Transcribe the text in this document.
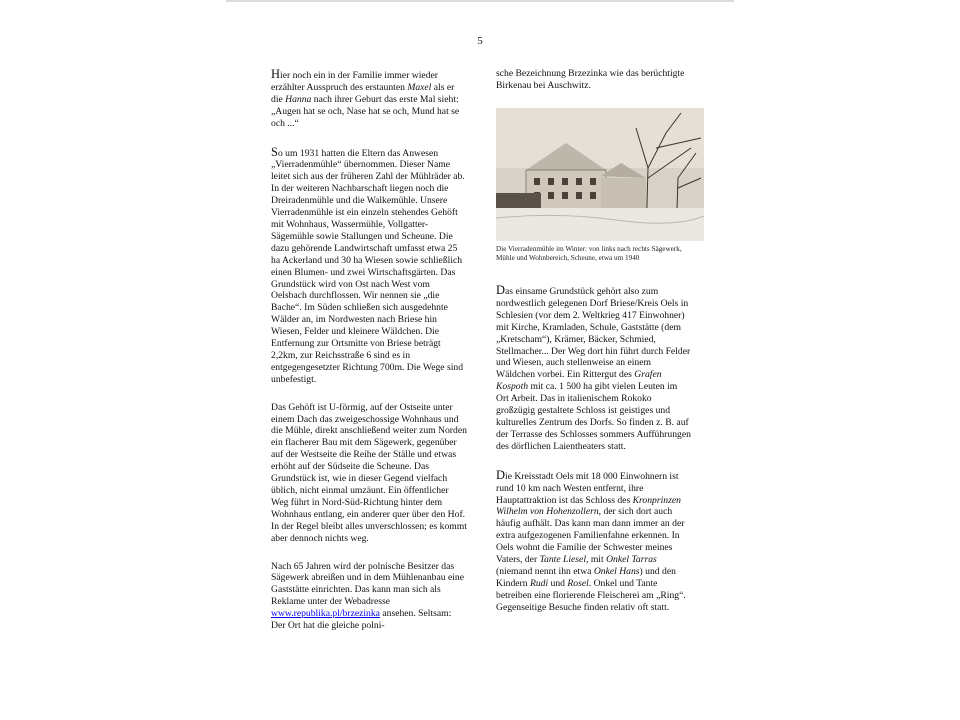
5

Hier noch ein in der Familie immer wieder erzählter Ausspruch des erstaunten Maxel als er die Hanna nach ihrer Geburt das erste Mal sieht: „Augen hat se och, Nase hat se och, Mund hat se och ...“

So um 1931 hatten die Eltern das Anwesen „Vierradenmühle“ übernommen. Dieser Name leitet sich aus der früheren Zahl der Mühlräder ab. In der weiteren Nachbarschaft liegen noch die Dreiradenmühle und die Walkemühle. Unsere Vierradenmühle ist ein einzeln stehendes Gehöft mit Wohnhaus, Wassermühle, Vollgatter-Sägemühle sowie Stallungen und Scheune. Die dazu gehörende Landwirtschaft umfasst etwa 25 ha Ackerland und 30 ha Wiesen sowie schließlich einen Blumen- und zwei Wirtschaftsgärten. Das Grundstück wird von Ost nach West vom Oelsbach durchflossen. Wir nennen sie „die Bache“. Im Süden schließen sich ausgedehnte Wälder an, im Nordwesten nach Briese hin Wiesen, Felder und kleinere Wäldchen. Die Entfernung zur Ortsmitte von Briese beträgt 2,2km, zur Reichsstraße 6 sind es in entgegengesetzter Richtung 700m. Die Wege sind unbefestigt.

Das Gehöft ist U-förmig, auf der Ostseite unter einem Dach das zweigeschossige Wohnhaus und die Mühle, direkt anschließend weiter zum Norden ein flacherer Bau mit dem Sägewerk, gegenüber auf der Westseite die Reihe der Ställe und etwas erhöht auf der Südseite die Scheune. Das Grundstück ist, wie in dieser Gegend vielfach üblich, nicht einmal umzäunt. Ein öffentlicher Weg führt in Nord-Süd-Richtung hinter dem Wohnhaus entlang, ein anderer quer über den Hof. In der Regel bleibt alles unverschlossen; es kommt aber dennoch nichts weg.

Nach 65 Jahren wird der polnische Besitzer das Sägewerk abreißen und in dem Mühlenanbau eine Gaststätte einrichten. Das kann man sich als Reklame unter der Webadresse www.republika.pl/brzezinka ansehen. Seltsam: Der Ort hat die gleiche polni-

sche Bezeichnung Brzezinka wie das berüchtigte Birkenau bei Auschwitz.

Die Vierradenmühle im Winter: von links nach rechts Sägewerk, Mühle und Wohnbereich, Scheune, etwa um 1940

Das einsame Grundstück gehört also zum nordwestlich gelegenen Dorf Briese/Kreis Oels in Schlesien (vor dem 2. Weltkrieg 417 Einwohner) mit Kirche, Kramladen, Schule, Gaststätte (dem „Kretscham“), Krämer, Bäcker, Schmied, Stellmacher... Der Weg dort hin führt durch Felder und Wiesen, auch stellenweise an einem Wäldchen vorbei. Ein Rittergut des Grafen Kospoth mit ca. 1 500 ha gibt vielen Leuten im Ort Arbeit. Das in italienischem Rokoko großzügig gestaltete Schloss ist geistiges und kulturelles Zentrum des Dorfs. So finden z. B. auf der Terrasse des Schlosses sommers Aufführungen des dörflichen Laientheaters statt.

Die Kreisstadt Oels mit 18 000 Einwohnern ist rund 10 km nach Westen entfernt, ihre Hauptattraktion ist das Schloss des Kronprinzen Wilhelm von Hohenzollern, der sich dort auch häufig aufhält. Das kann man dann immer an der extra aufgezogenen Familienfahne erkennen. In Oels wohnt die Familie der Schwester meines Vaters, der Tante Liesel, mit Onkel Tarras (niemand nennt ihn etwa Onkel Hans) und den Kindern Rudi und Rosel. Onkel und Tante betreiben eine florierende Fleischerei am „Ring“. Gegenseitige Besuche finden relativ oft statt.
